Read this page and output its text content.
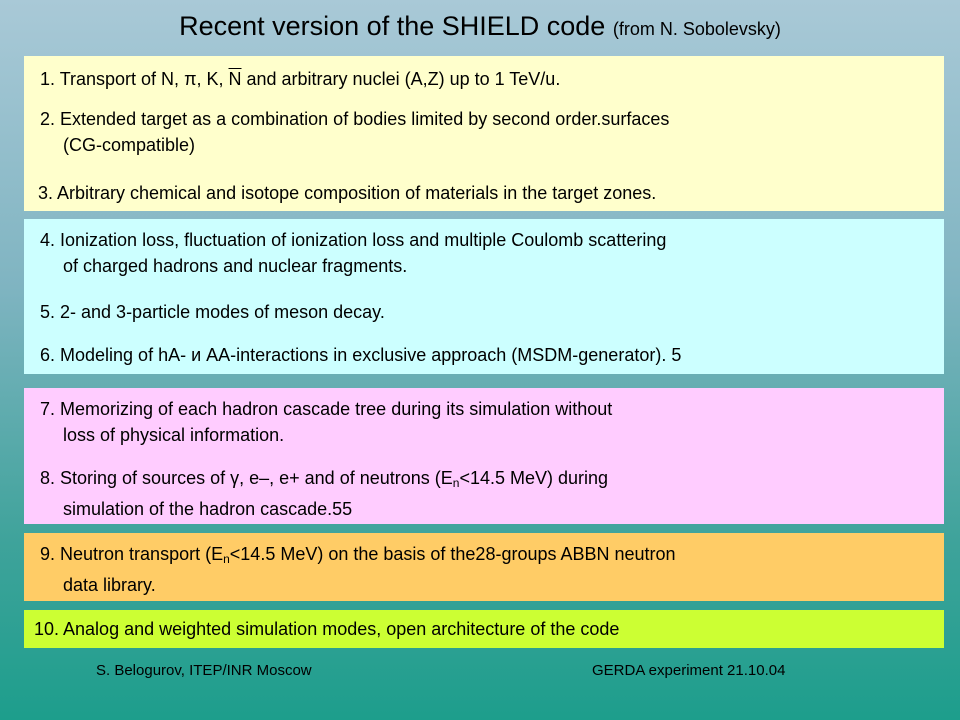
Recent version of the SHIELD code (from N. Sobolevsky)
1. Transport of N, π, K, $\overline{N}$ and arbitrary nuclei (A,Z) up to 1 TeV/u.
2. Extended target as a combination of bodies limited by second order.surfaces
(CG-compatible)
3. Arbitrary chemical and isotope composition of materials in the target zones.
4. Ionization loss, fluctuation of ionization loss and multiple Coulomb scattering
of charged hadrons and nuclear fragments.
5. 2- and 3-particle modes of meson decay.
6. Modeling of hA- и AA-interactions in exclusive approach (MSDM-generator). 5
7. Memorizing of each hadron cascade tree during its simulation without
loss of physical information.
8. Storing of sources of γ, e–, e+ and of neutrons (En<14.5 MeV) during
simulation of the hadron cascade.55
9. Neutron transport (En<14.5 MeV) on the basis of the28-groups ABBN neutron
data library.
10. Analog and weighted simulation modes, open architecture of the code
S. Belogurov, ITEP/INR Moscow	GERDA experiment 21.10.04
